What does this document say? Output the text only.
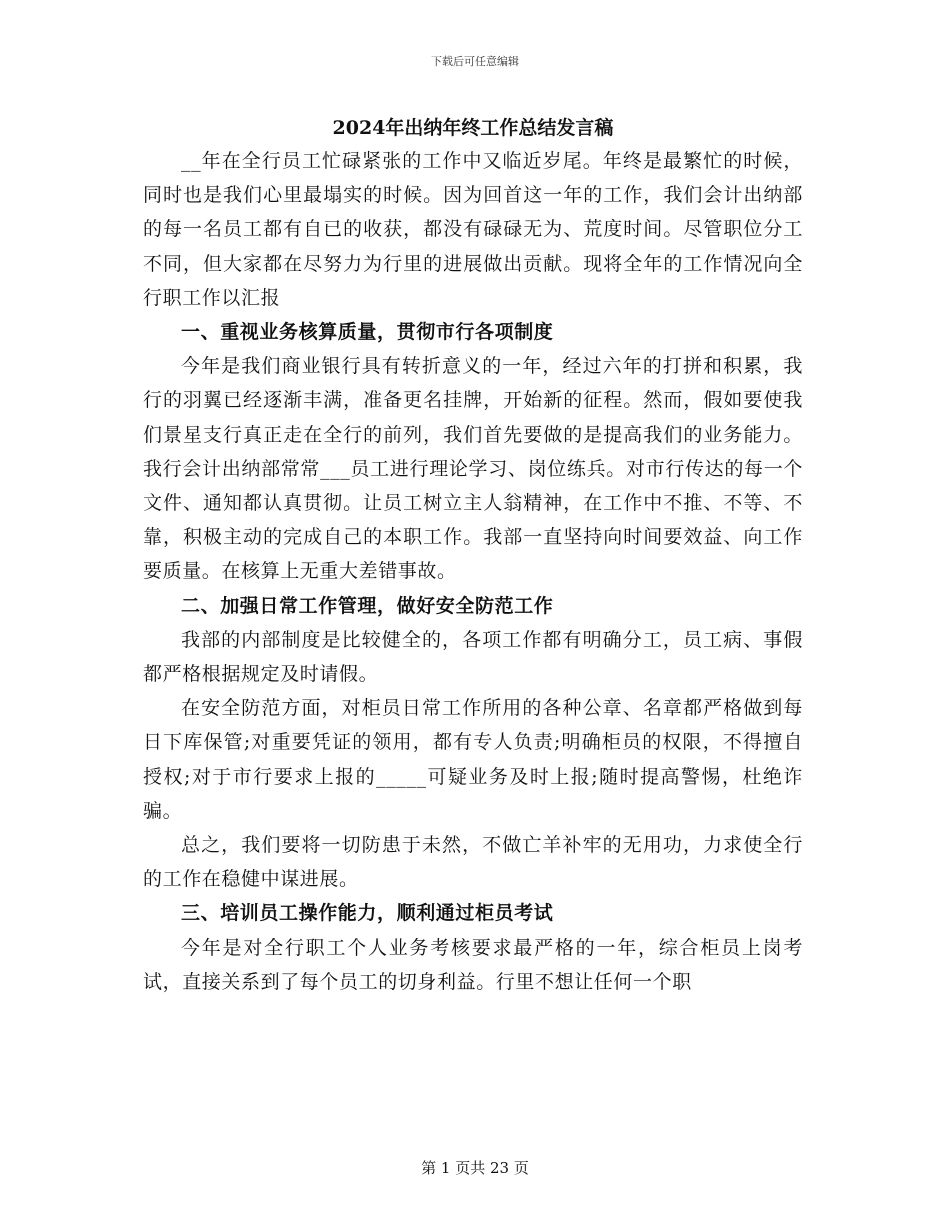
下载后可任意编辑
2024年出纳年终工作总结发言稿

__年在全行员工忙碌紧张的工作中又临近岁尾。年终是最繁忙的时候，同时也是我们心里最塌实的时候。因为回首这一年的工作，我们会计出纳部的每一名员工都有自已的收获，都没有碌碌无为、荒度时间。尽管职位分工不同，但大家都在尽努力为行里的进展做出贡献。现将全年的工作情况向全行职工作以汇报

一、重视业务核算质量，贯彻市行各项制度

今年是我们商业银行具有转折意义的一年，经过六年的打拼和积累，我行的羽翼已经逐渐丰满，准备更名挂牌，开始新的征程。然而，假如要使我们景星支行真正走在全行的前列，我们首先要做的是提高我们的业务能力。我行会计出纳部常常___员工进行理论学习、岗位练兵。对市行传达的每一个文件、通知都认真贯彻。让员工树立主人翁精神，在工作中不推、不等、不靠，积极主动的完成自己的本职工作。我部一直坚持向时间要效益、向工作要质量。在核算上无重大差错事故。

二、加强日常工作管理，做好安全防范工作

我部的内部制度是比较健全的，各项工作都有明确分工，员工病、事假都严格根据规定及时请假。

在安全防范方面，对柜员日常工作所用的各种公章、名章都严格做到每日下库保管;对重要凭证的领用，都有专人负责;明确柜员的权限，不得擅自授权;对于市行要求上报的_____可疑业务及时上报;随时提高警惕，杜绝诈骗。

总之，我们要将一切防患于未然，不做亡羊补牢的无用功，力求使全行的工作在稳健中谋进展。

三、培训员工操作能力，顺利通过柜员考试

今年是对全行职工个人业务考核要求最严格的一年，综合柜员上岗考试，直接关系到了每个员工的切身利益。行里不想让任何一个职

第 1 页共 23 页
